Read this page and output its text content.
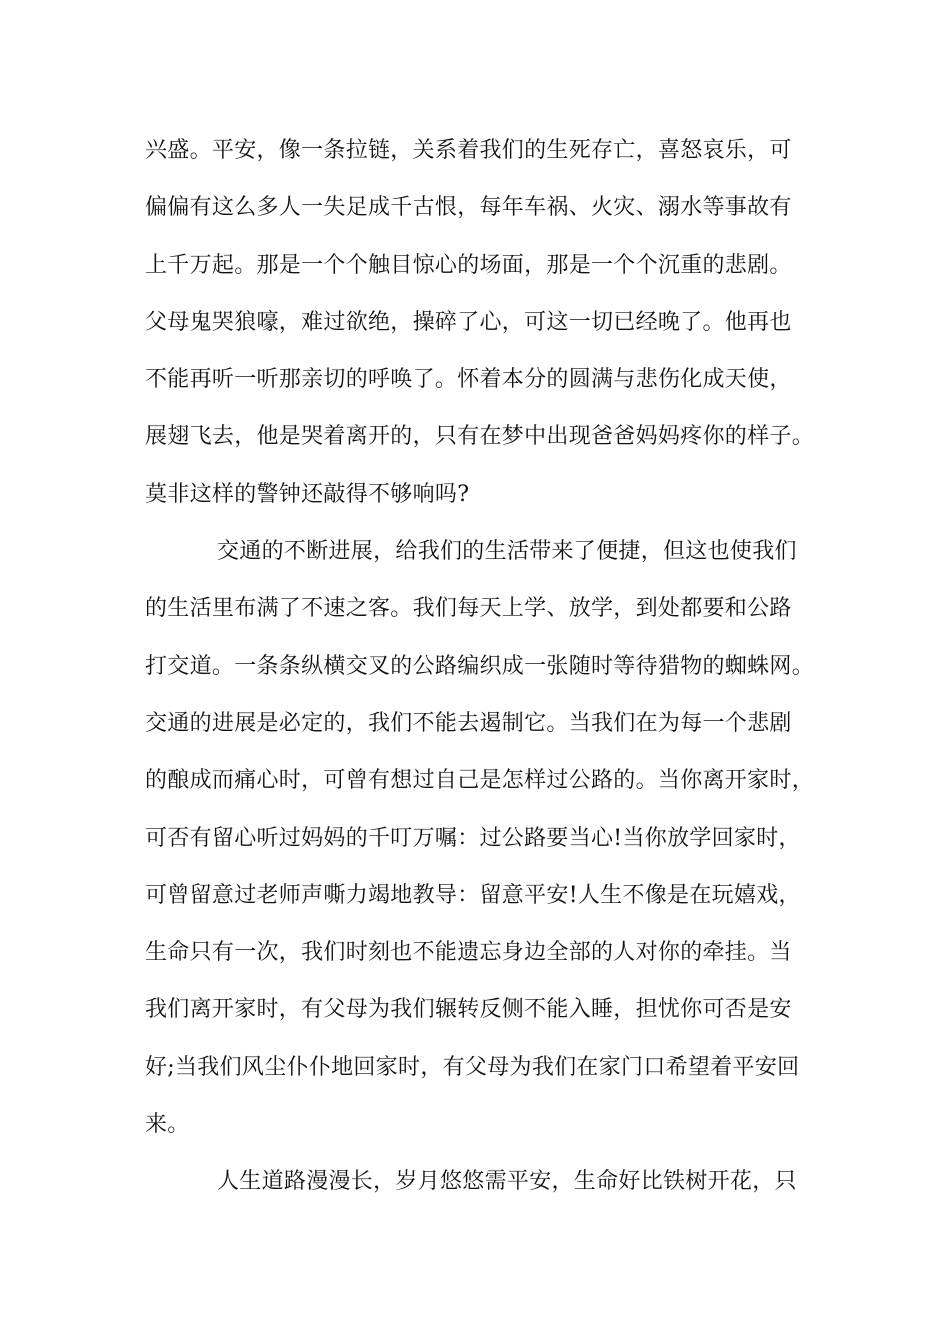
兴盛。平安，像一条拉链，关系着我们的生死存亡，喜怒哀乐，可
偏偏有这么多人一失足成千古恨，每年车祸、火灾、溺水等事故有
上千万起。那是一个个触目惊心的场面，那是一个个沉重的悲剧。
父母鬼哭狼嚎，难过欲绝，操碎了心，可这一切已经晚了。他再也
不能再听一听那亲切的呼唤了。怀着本分的圆满与悲伤化成天使，
展翅飞去，他是哭着离开的，只有在梦中出现爸爸妈妈疼你的样子。
莫非这样的警钟还敲得不够响吗?
交通的不断进展，给我们的生活带来了便捷，但这也使我们
的生活里布满了不速之客。我们每天上学、放学，到处都要和公路
打交道。一条条纵横交叉的公路编织成一张随时等待猎物的蜘蛛网。
交通的进展是必定的，我们不能去遏制它。当我们在为每一个悲剧
的酿成而痛心时，可曾有想过自己是怎样过公路的。当你离开家时，
可否有留心听过妈妈的千叮万嘱：过公路要当心!当你放学回家时，
可曾留意过老师声嘶力竭地教导：留意平安!人生不像是在玩嬉戏，
生命只有一次，我们时刻也不能遗忘身边全部的人对你的牵挂。当
我们离开家时，有父母为我们辗转反侧不能入睡，担忧你可否是安
好;当我们风尘仆仆地回家时，有父母为我们在家门口希望着平安回
来。
人生道路漫漫长，岁月悠悠需平安，生命好比铁树开花，只
